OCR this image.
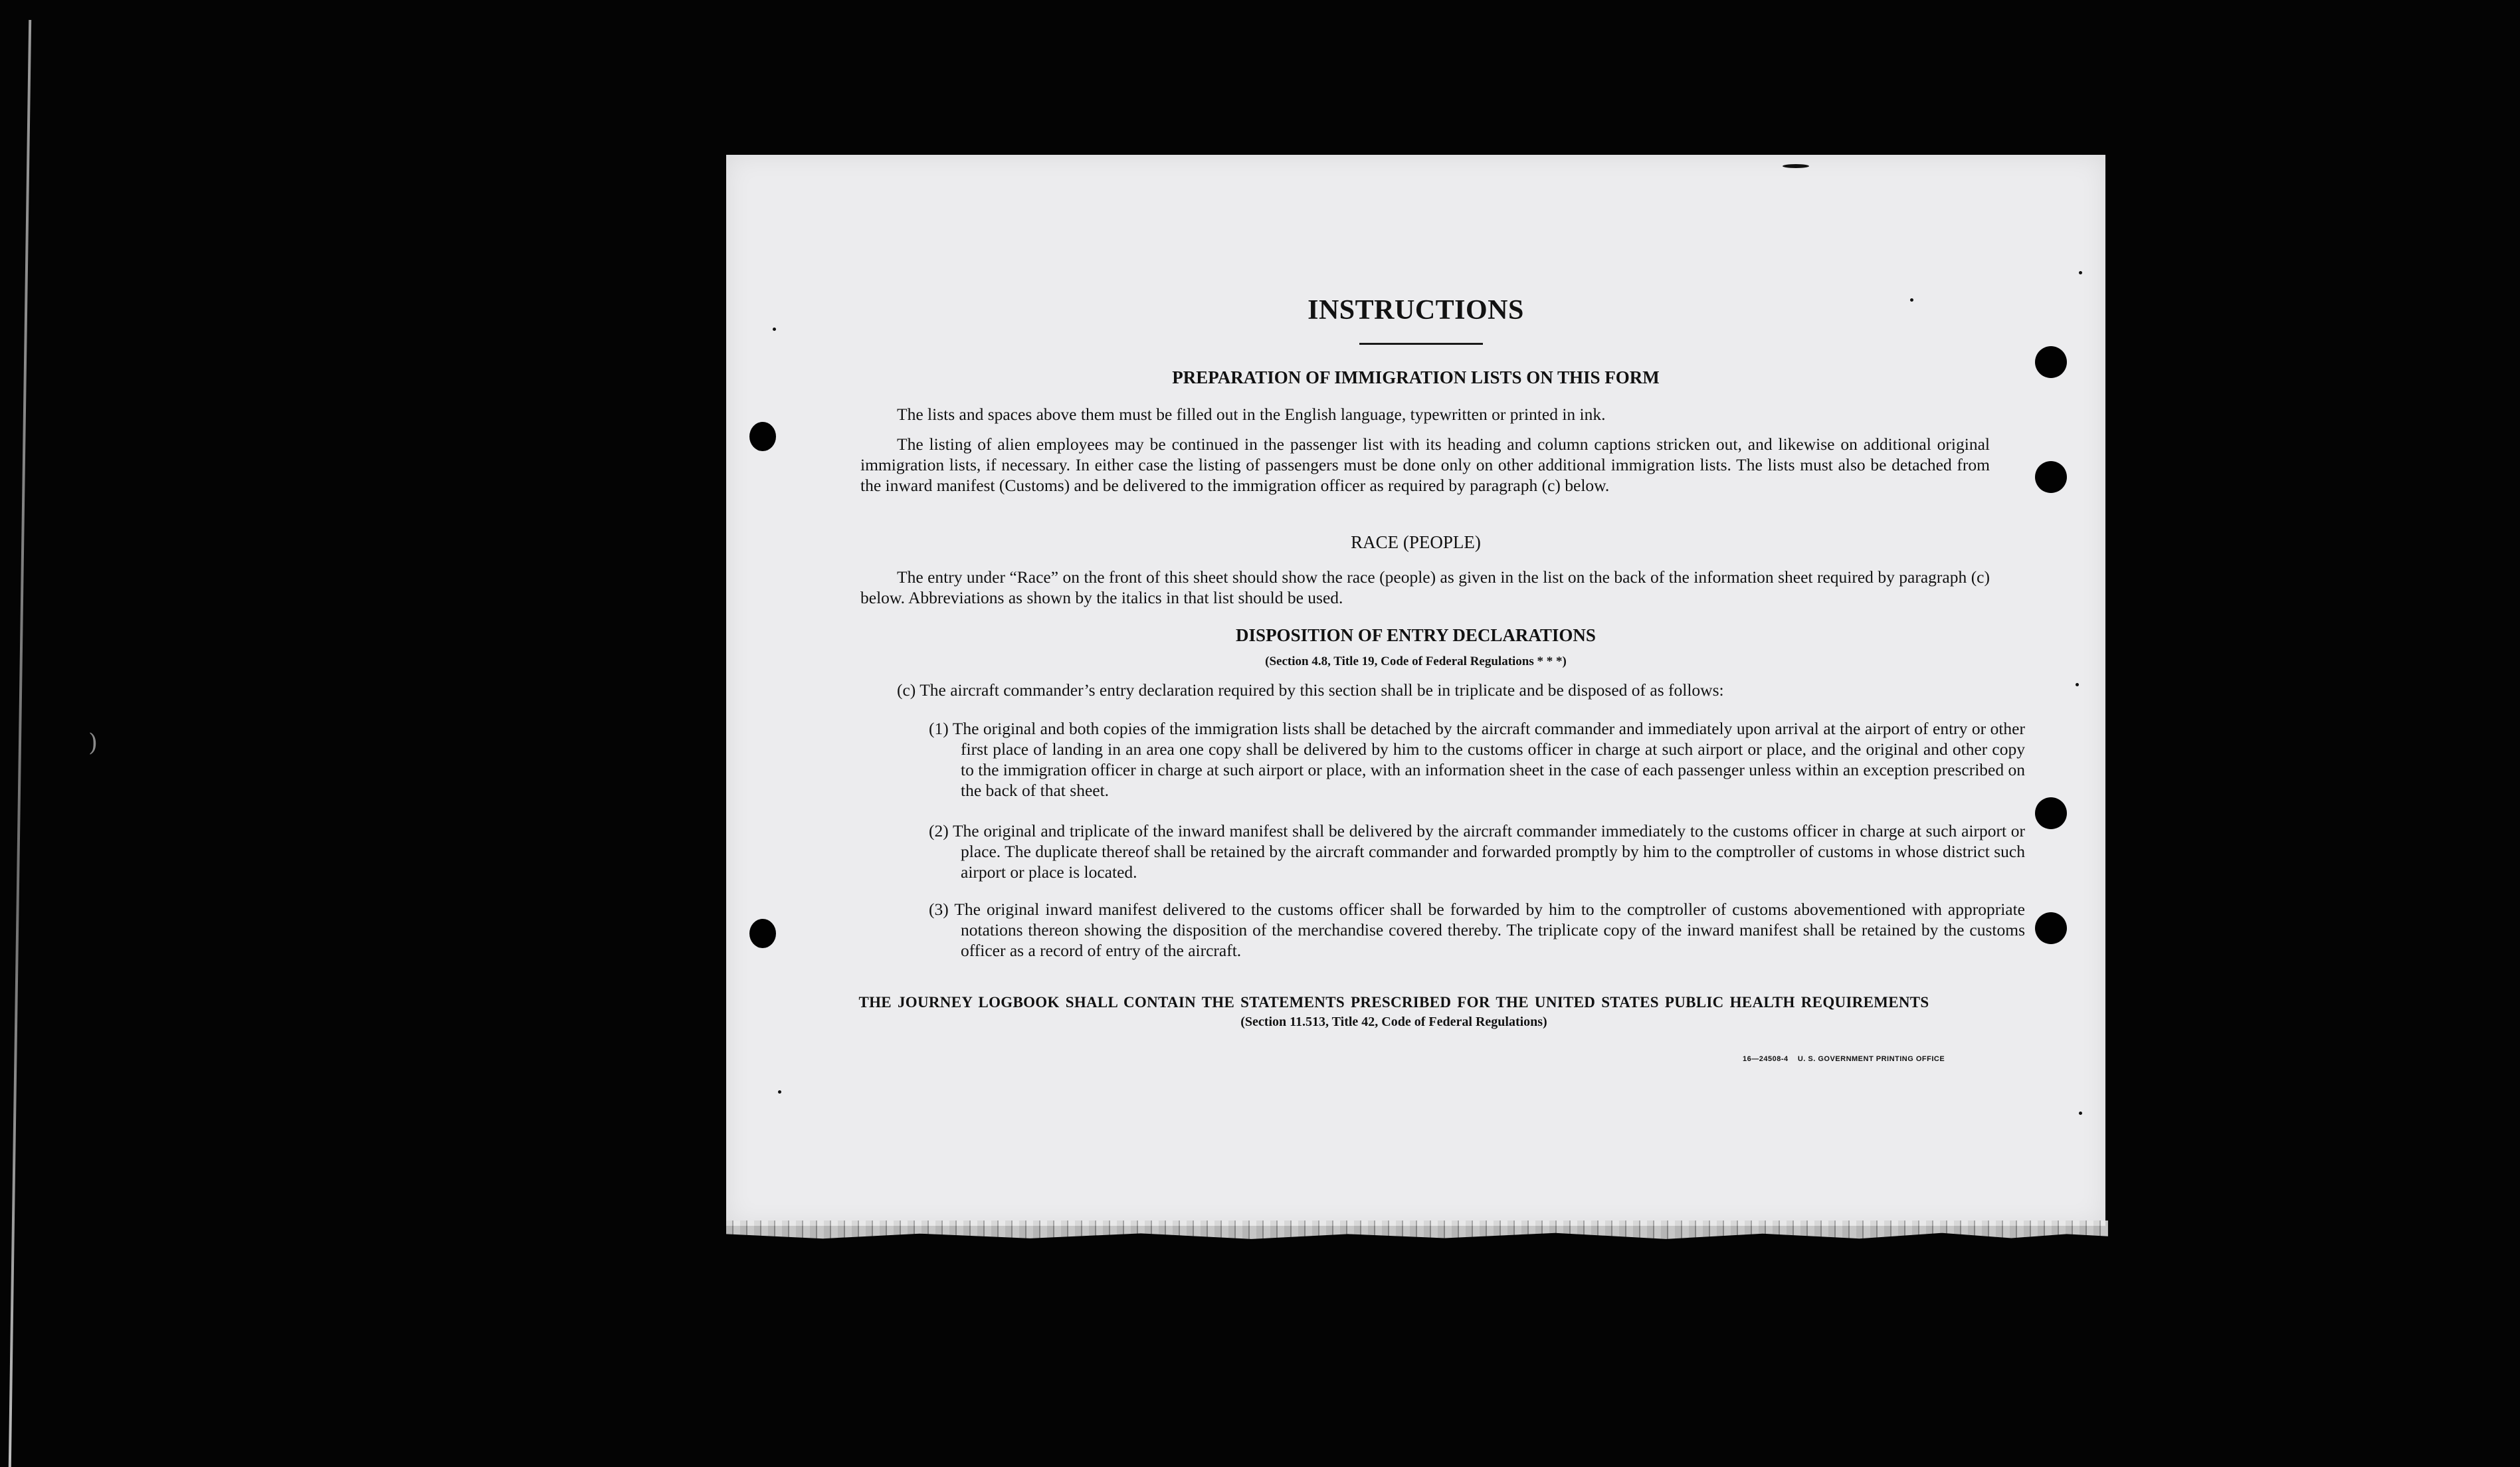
)
INSTRUCTIONS
PREPARATION OF IMMIGRATION LISTS ON THIS FORM
The lists and spaces above them must be filled out in the English language, typewritten or printed in ink.
The listing of alien employees may be continued in the passenger list with its heading and column captions stricken out, and likewise on additional original immigration lists, if necessary. In either case the listing of passengers must be done only on other additional immigration lists. The lists must also be detached from the inward manifest (Customs) and be delivered to the immigration officer as required by paragraph (c) below.
RACE (PEOPLE)
The entry under “Race” on the front of this sheet should show the race (people) as given in the list on the back of the information sheet required by paragraph (c) below. Abbreviations as shown by the italics in that list should be used.
DISPOSITION OF ENTRY DECLARATIONS
(Section 4.8, Title 19, Code of Federal Regulations * * *)
(c) The aircraft commander’s entry declaration required by this section shall be in triplicate and be disposed of as follows:
(1) The original and both copies of the immigration lists shall be detached by the aircraft commander and immediately upon arrival at the airport of entry or other first place of landing in an area one copy shall be delivered by him to the customs officer in charge at such airport or place, and the original and other copy to the immigration officer in charge at such airport or place, with an information sheet in the case of each passenger unless within an exception prescribed on the back of that sheet.
(2) The original and triplicate of the inward manifest shall be delivered by the aircraft commander immediately to the customs officer in charge at such airport or place. The duplicate thereof shall be retained by the aircraft commander and forwarded promptly by him to the comptroller of customs in whose district such airport or place is located.
(3) The original inward manifest delivered to the customs officer shall be forwarded by him to the comptroller of customs abovementioned with appropriate notations thereon showing the disposition of the merchandise covered thereby. The triplicate copy of the inward manifest shall be retained by the customs officer as a record of entry of the aircraft.
THE JOURNEY LOGBOOK SHALL CONTAIN THE STATEMENTS PRESCRIBED FOR THE UNITED STATES PUBLIC HEALTH REQUIREMENTS
(Section 11.513, Title 42, Code of Federal Regulations)
16—24508-4 U. S. GOVERNMENT PRINTING OFFICE
